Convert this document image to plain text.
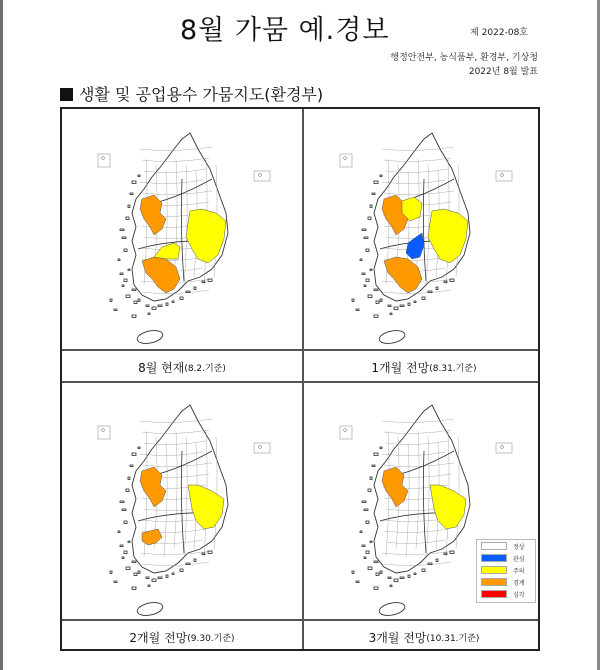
8월 가뭄 예.경보	제 2022-08호
행정안전부, 농식품부, 환경부, 기상청
2022년 8월 발표
생활 및 공업용수 가뭄지도(환경부)
8월 현재 (8.2.기준)	1개월 전망 (8.31.기준)
정상
관심
주의
경계
심각
2개월 전망 (9.30.기준)	3개월 전망 (10.31.기준)
